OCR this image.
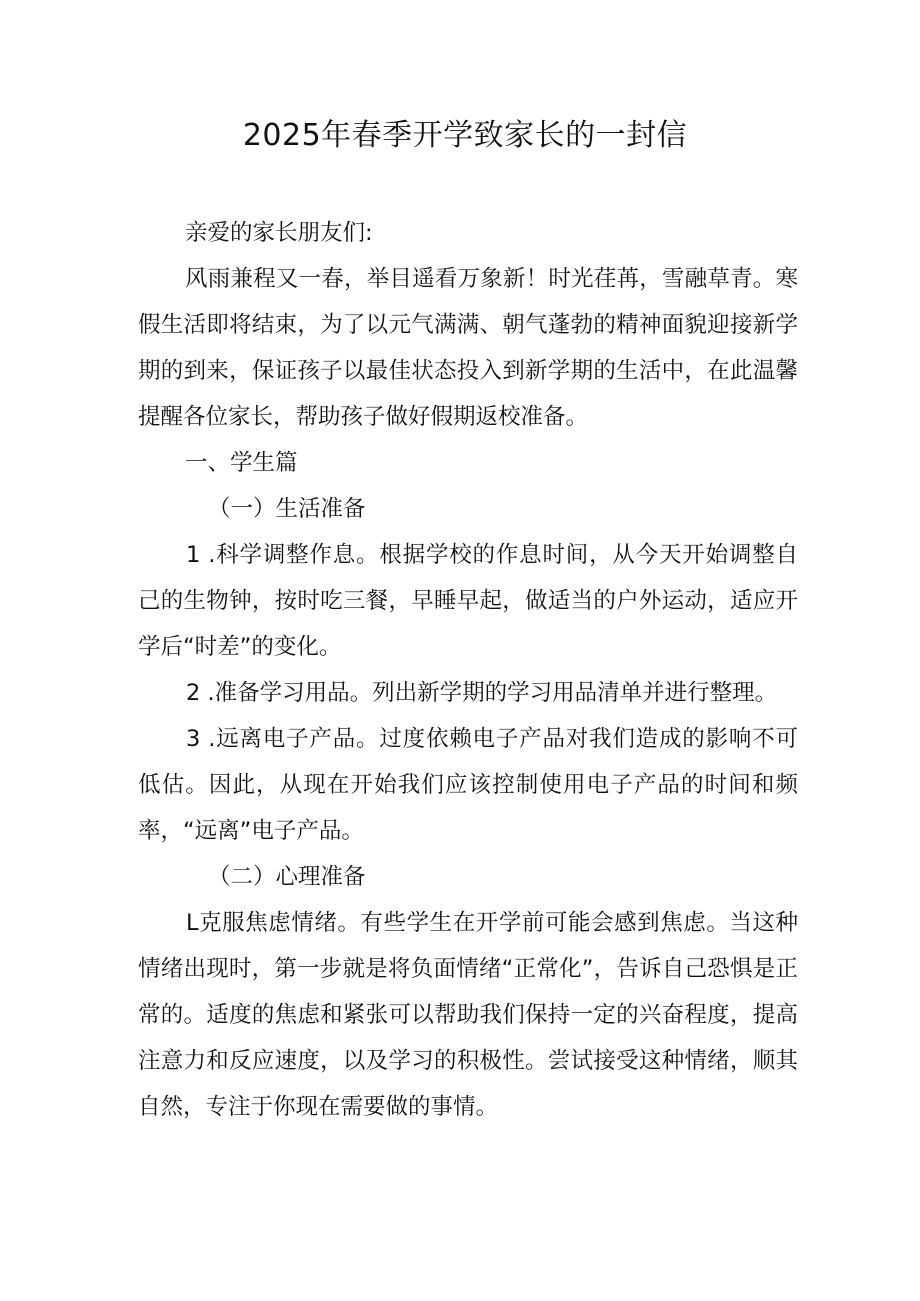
2025年春季开学致家长的一封信

亲爱的家长朋友们:

风雨兼程又一春，举目遥看万象新！时光荏苒，雪融草青。寒假生活即将结束，为了以元气满满、朝气蓬勃的精神面貌迎接新学期的到来，保证孩子以最佳状态投入到新学期的生活中，在此温馨提醒各位家长，帮助孩子做好假期返校准备。

一、学生篇

（一）生活准备

1 .科学调整作息。根据学校的作息时间，从今天开始调整自己的生物钟，按时吃三餐，早睡早起，做适当的户外运动，适应开学后“时差”的变化。

2 .准备学习用品。列出新学期的学习用品清单并进行整理。

3 .远离电子产品。过度依赖电子产品对我们造成的影响不可低估。因此，从现在开始我们应该控制使用电子产品的时间和频率，“远离”电子产品。

（二）心理准备

L克服焦虑情绪。有些学生在开学前可能会感到焦虑。当这种情绪出现时，第一步就是将负面情绪“正常化”，告诉自己恐惧是正常的。适度的焦虑和紧张可以帮助我们保持一定的兴奋程度，提高注意力和反应速度，以及学习的积极性。尝试接受这种情绪，顺其自然，专注于你现在需要做的事情。
